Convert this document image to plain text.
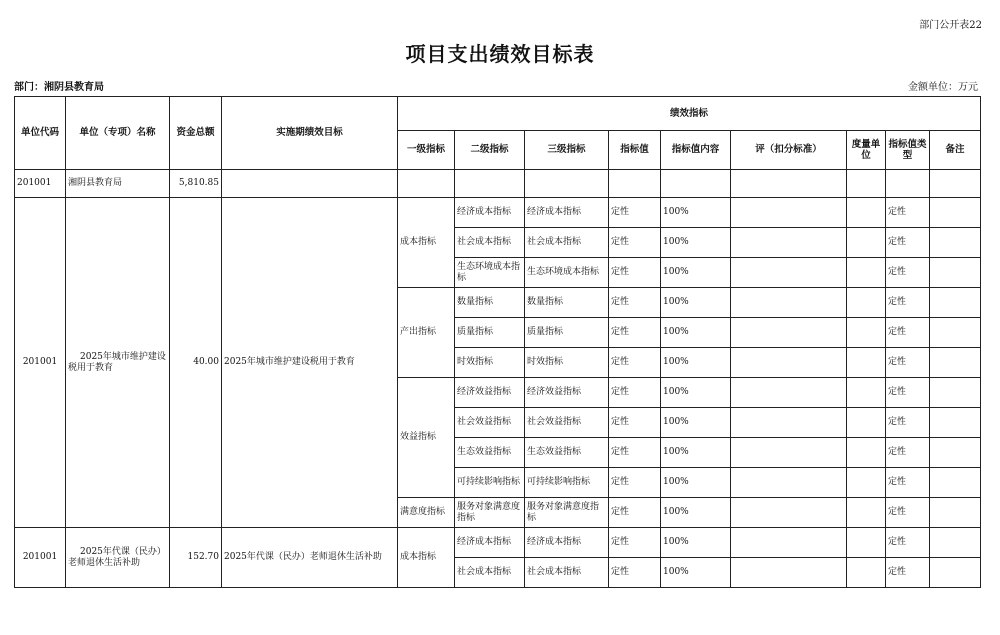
部门公开表22
项目支出绩效目标表
部门：湘阴县教育局	金额单位：万元
单位代码	单位（专项）名称	资金总额	实施期绩效目标	绩效指标								
				一级指标	二级指标	三级指标	指标值	指标值内容	评（扣分标准）	度量单位	指标值类型	备注
201001	湘阴县教育局	5,810.85										
201001	2025年城市维护建设税用于教育	40.00	2025年城市维护建设税用于教育	成本指标	经济成本指标	经济成本指标	定性	100%			定性	
					社会成本指标	社会成本指标	定性	100%			定性	
					生态环境成本指标	生态环境成本指标	定性	100%			定性	
				产出指标	数量指标	数量指标	定性	100%			定性	
					质量指标	质量指标	定性	100%			定性	
					时效指标	时效指标	定性	100%			定性	
				效益指标	经济效益指标	经济效益指标	定性	100%			定性	
					社会效益指标	社会效益指标	定性	100%			定性	
					生态效益指标	生态效益指标	定性	100%			定性	
					可持续影响指标	可持续影响指标	定性	100%			定性	
				满意度指标	服务对象满意度指标	服务对象满意度指标	定性	100%			定性	
201001	2025年代课（民办）老师退休生活补助	152.70	2025年代课（民办）老师退休生活补助	成本指标	经济成本指标	经济成本指标	定性	100%			定性	
					社会成本指标	社会成本指标	定性	100%			定性	
